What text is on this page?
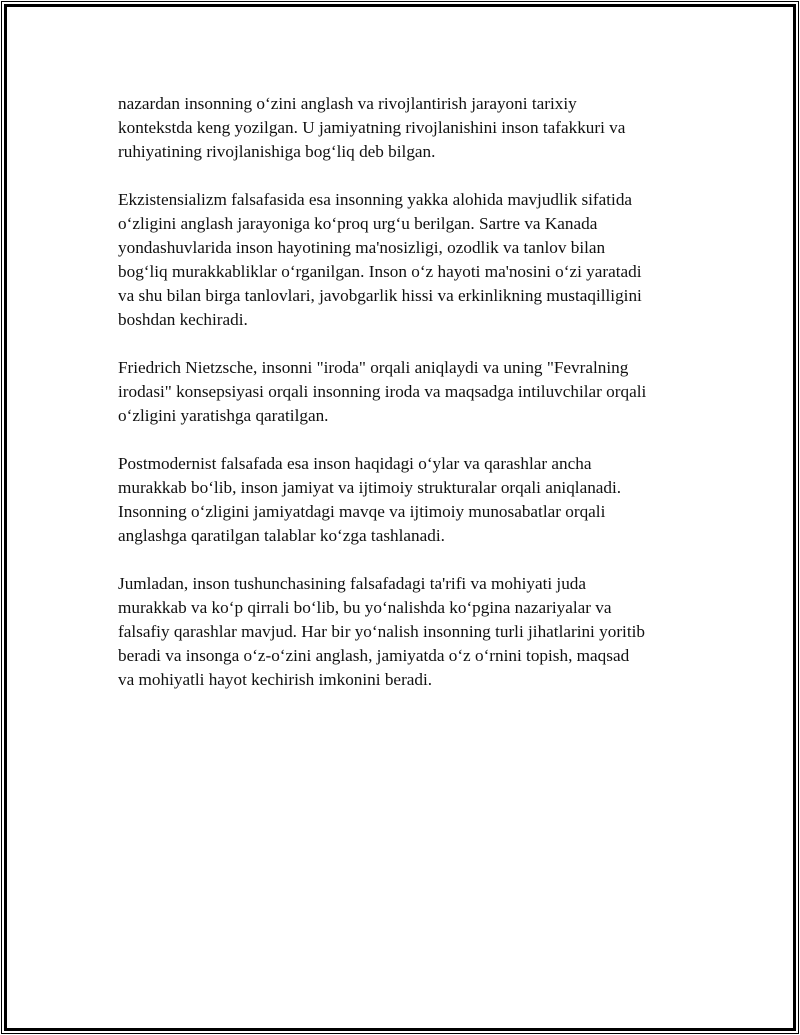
nazardan insonning oʻzini anglash va rivojlantirish jarayoni tarixiy
kontekstda keng yozilgan. U jamiyatning rivojlanishini inson tafakkuri va
ruhiyatining rivojlanishiga bogʻliq deb bilgan.

Ekzistensializm falsafasida esa insonning yakka alohida mavjudlik sifatida
oʻzligini anglash jarayoniga koʻproq urgʻu berilgan. Sartre va Kanada
yondashuvlarida inson hayotining ma'nosizligi, ozodlik va tanlov bilan
bogʻliq murakkabliklar oʻrganilgan. Inson oʻz hayoti ma'nosini oʻzi yaratadi
va shu bilan birga tanlovlari, javobgarlik hissi va erkinlikning mustaqilligini
boshdan kechiradi.

Friedrich Nietzsche, insonni "iroda" orqali aniqlaydi va uning "Fevralning
irodasi" konsepsiyasi orqali insonning iroda va maqsadga intiluvchilar orqali
oʻzligini yaratishga qaratilgan.

Postmodernist falsafada esa inson haqidagi oʻylar va qarashlar ancha
murakkab boʻlib, inson jamiyat va ijtimoiy strukturalar orqali aniqlanadi.
Insonning oʻzligini jamiyatdagi mavqe va ijtimoiy munosabatlar orqali
anglashga qaratilgan talablar koʻzga tashlanadi.

Jumladan, inson tushunchasining falsafadagi ta'rifi va mohiyati juda
murakkab va koʻp qirrali boʻlib, bu yoʻnalishda koʻpgina nazariyalar va
falsafiy qarashlar mavjud. Har bir yoʻnalish insonning turli jihatlarini yoritib
beradi va insonga oʻz-oʻzini anglash, jamiyatda oʻz oʻrnini topish, maqsad
va mohiyatli hayot kechirish imkonini beradi.
